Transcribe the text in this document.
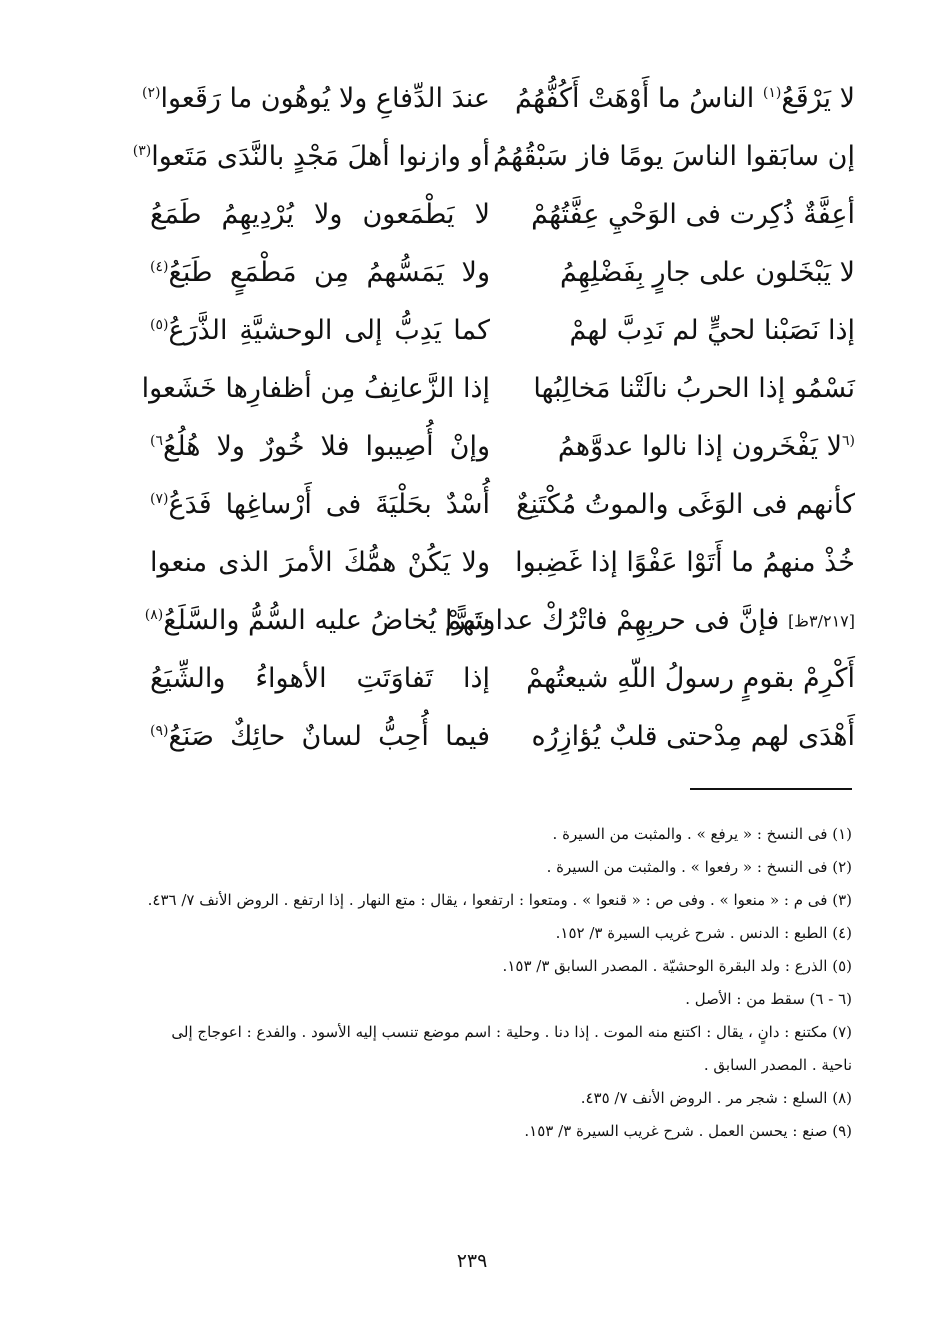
لا يَرْقَعُ$^{(١)}$ الناسُ ما أَوْهَتْ أَكُفُّهُمُ
عندَ الدِّفاعِ ولا يُوهُون ما رَقَعوا$^{(٢)}$
إن سابَقوا الناسَ يومًا فاز سَبْقُهُمُ
أو وازنوا أهلَ مَجْدٍ بالنَّدَى مَتَعوا$^{(٣)}$
أعِفَّةٌ ذُكِرت فى الوَحْيِ عِفَّتُهُمْ
لا يَطْمَعون ولا يُرْدِيهِمُ طَمَعُ
لا يَبْخَلون على جارٍ بِفَضْلِهِمُ
ولا يَمَسُّهمُ مِن مَطْمَعٍ طَبَعُ$^{(٤)}$
إذا نَصَبْنا لحيٍّ لم نَدِبَّ لهمْ
كما يَدِبُّ إلى الوحشيَّةِ الذَّرَعُ$^{(٥)}$
نَسْمُو إذا الحربُ نالَتْنا مَخالِبُها
إذا الزَّعانِفُ مِن أظفارِها خَشَعوا
$^{(٦}$لا يَفْخَرون إذا نالوا عدوَّهمُ
وإنْ أُصِيبوا فلا خُورٌ ولا هُلُعُ$^{٦)}$
كأنهم فى الوَغَى والموتُ مُكْتَنِعٌ
أُسْدٌ بحَلْيَةَ فى أَرْساغِها فَدَعُ$^{(٧)}$
خُذْ منهمُ ما أَتَوْا عَفْوًا إذا غَضِبوا
ولا يَكُنْ همُّكَ الأمرَ الذى منعوا
[٣/٢١٧ظ] فإنَّ فى حربِهِمْ فاتْرُكْ عداوتَهمْ
شرًّا يُخاضُ عليه السُّمُّ والسَّلَعُ$^{(٨)}$
أَكْرِمْ بقومٍ رسولُ اللّهِ شيعتُهمْ
إذا تَفاوَتَتِ الأهواءُ والشِّيَعُ
أَهْدَى لهم مِدْحتى قلبٌ يُؤازِرُه
فيما أُحِبُّ لسانٌ حائِكٌ صَنَعُ$^{(٩)}$

(١) فى النسخ : « يرفع » . والمثبت من السيرة .

(٢) فى النسخ : « رفعوا » . والمثبت من السيرة .

(٣) فى م : « منعوا » . وفى ص : « قنعوا » . ومتعوا : ارتفعوا ، يقال : متع النهار . إذا ارتفع . الروض الأنف ٧/ ٤٣٦.

(٤) الطبع : الدنس . شرح غريب السيرة ٣/ ١٥٢.

(٥) الذرع : ولد البقرة الوحشيّة . المصدر السابق ٣/ ١٥٣.

(٦ - ٦) سقط من : الأصل .

(٧) مكتنع : دانٍ ، يقال : اكتنع منه الموت . إذا دنا . وحلية : اسم موضع تنسب إليه الأسود . والفدع : اعوجاج إلى ناحية . المصدر السابق .

(٨) السلع : شجر مر . الروض الأنف ٧/ ٤٣٥.

(٩) صنع : يحسن العمل . شرح غريب السيرة ٣/ ١٥٣.

٢٣٩
